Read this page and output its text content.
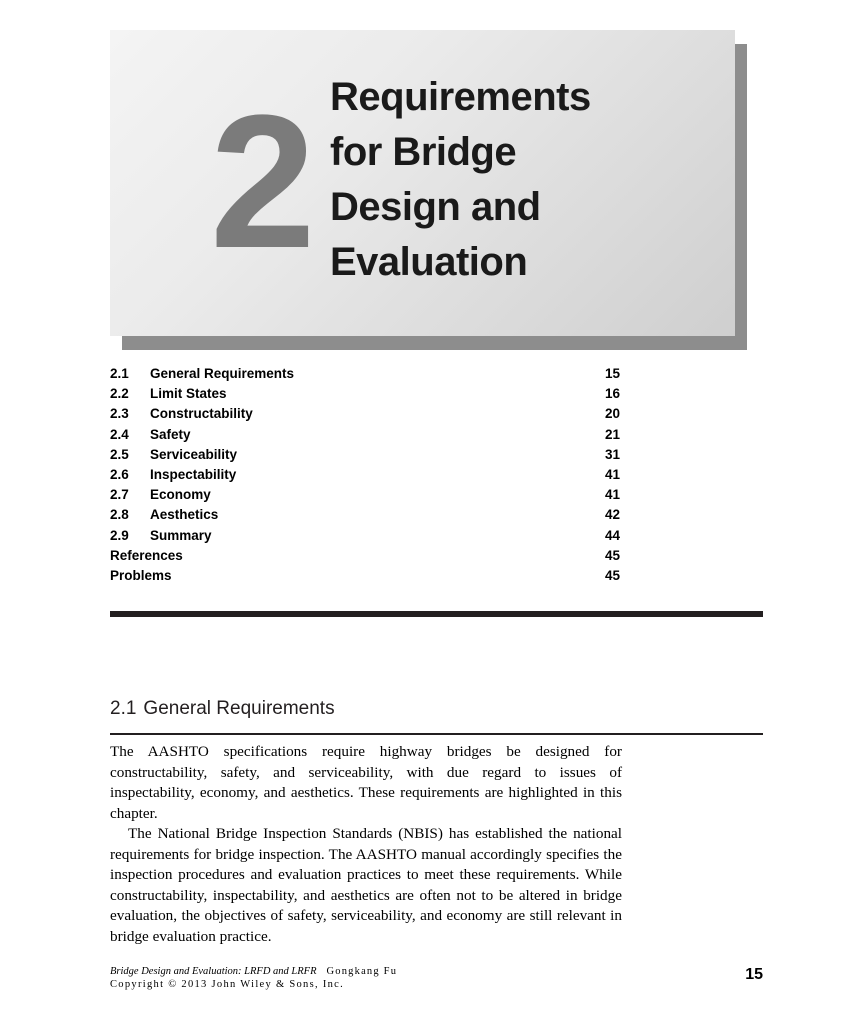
2 Requirements
for Bridge
Design and
Evaluation
2.1	General Requirements	15
2.2	Limit States	16
2.3	Constructability	20
2.4	Safety	21
2.5	Serviceability	31
2.6	Inspectability	41
2.7	Economy	41
2.8	Aesthetics	42
2.9	Summary	44
References	45
Problems	45
2.1 General Requirements

The AASHTO specifications require highway bridges be designed for constructability, safety, and serviceability, with due regard to issues of inspectability, economy, and aesthetics. These requirements are highlighted in this chapter.

The National Bridge Inspection Standards (NBIS) has established the national requirements for bridge inspection. The AASHTO manual accordingly specifies the inspection procedures and evaluation practices to meet these requirements. While constructability, inspectability, and aesthetics are often not to be altered in bridge evaluation, the objectives of safety, serviceability, and economy are still relevant in bridge evaluation practice.

Bridge Design and Evaluation: LRFD and LRFR Gongkang Fu
Copyright © 2013 John Wiley & Sons, Inc.
15
